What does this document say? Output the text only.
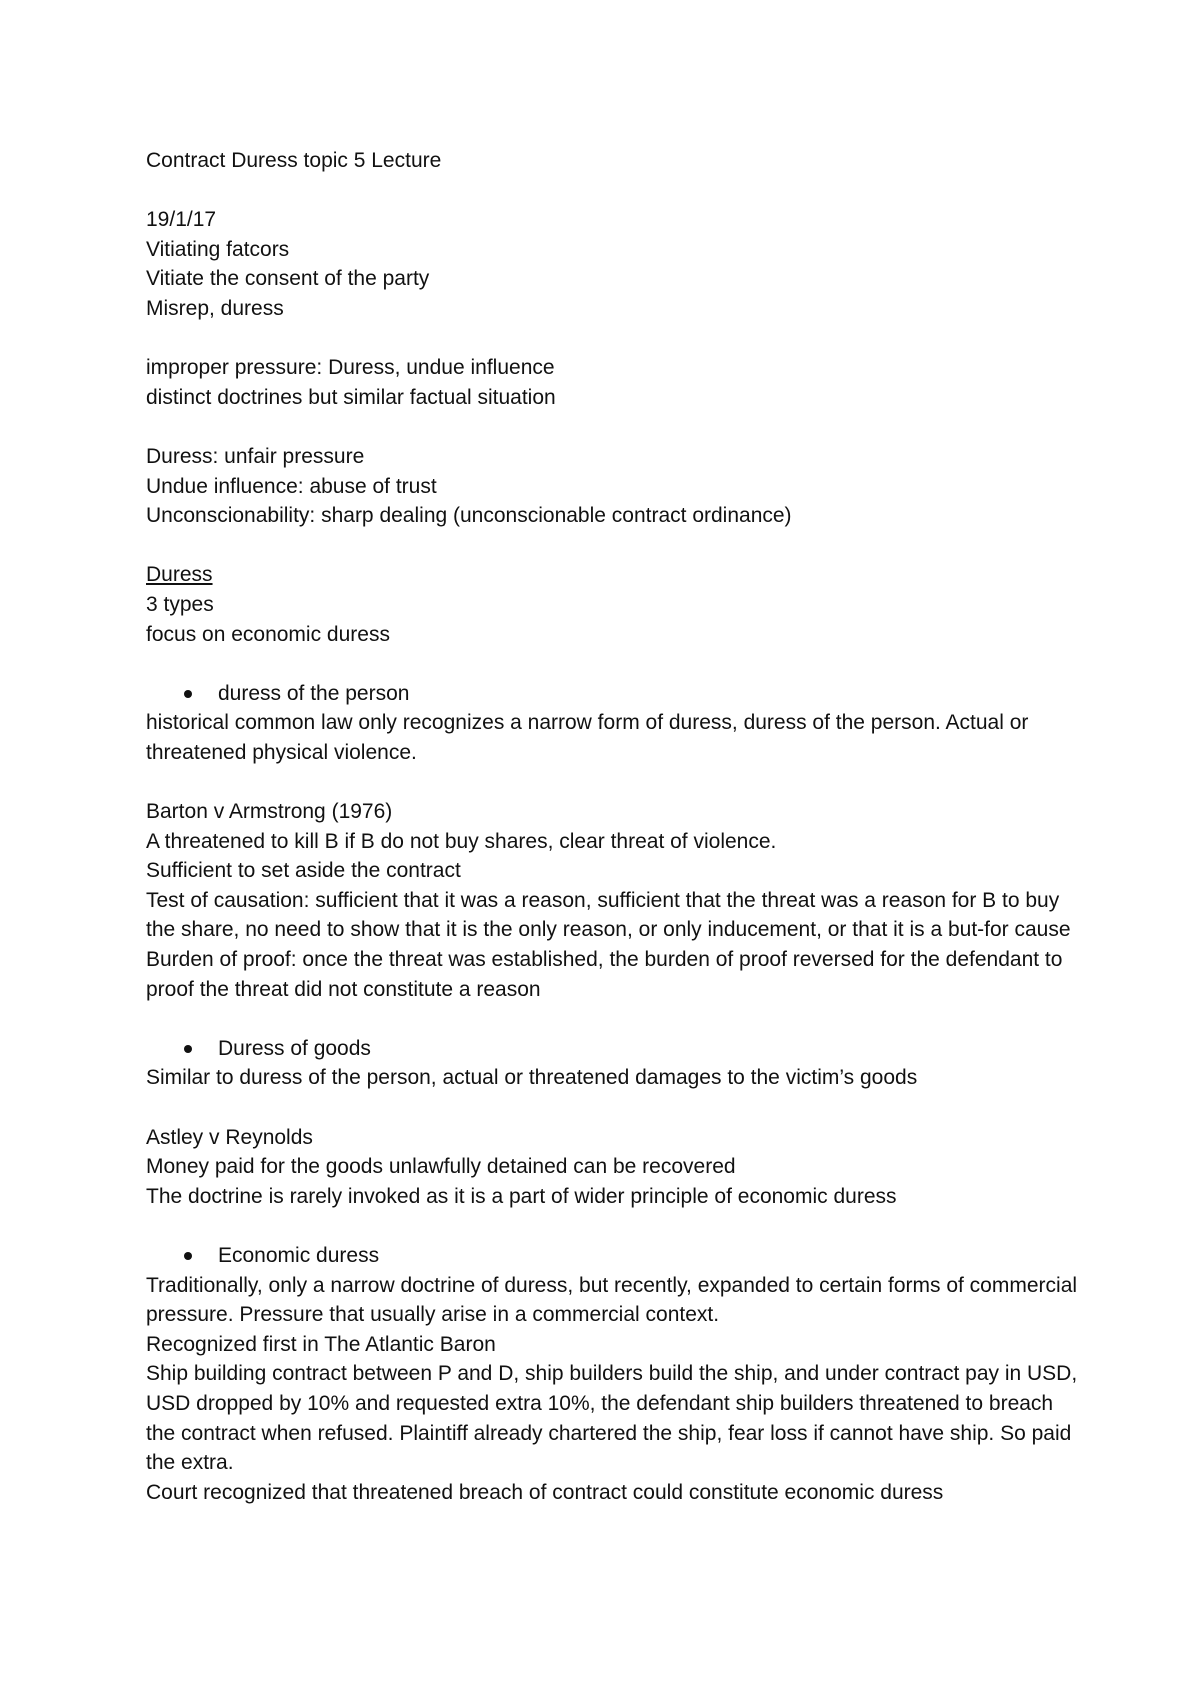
Contract Duress topic 5 Lecture
19/1/17
Vitiating fatcors
Vitiate the consent of the party
Misrep, duress
improper pressure: Duress, undue influence
distinct doctrines but similar factual situation
Duress: unfair pressure
Undue influence: abuse of trust
Unconscionability: sharp dealing (unconscionable contract ordinance)
Duress
3 types
focus on economic duress
duress of the person
historical common law only recognizes a narrow form of duress, duress of the person. Actual or threatened physical violence.
Barton v Armstrong (1976)
A threatened to kill B if B do not buy shares, clear threat of violence.
Sufficient to set aside the contract
Test of causation: sufficient that it was a reason, sufficient that the threat was a reason for B to buy the share, no need to show that it is the only reason, or only inducement, or that it is a but-for cause
Burden of proof: once the threat was established, the burden of proof reversed for the defendant to proof the threat did not constitute a reason
Duress of goods
Similar to duress of the person, actual or threatened damages to the victim’s goods
Astley v Reynolds
Money paid for the goods unlawfully detained can be recovered
The doctrine is rarely invoked as it is a part of wider principle of economic duress
Economic duress
Traditionally, only a narrow doctrine of duress, but recently, expanded to certain forms of commercial pressure. Pressure that usually arise in a commercial context.
Recognized first in The Atlantic Baron
Ship building contract between P and D, ship builders build the ship, and under contract pay in USD, USD dropped by 10% and requested extra 10%, the defendant ship builders threatened to breach the contract when refused. Plaintiff already chartered the ship, fear loss if cannot have ship. So paid the extra.
Court recognized that threatened breach of contract could constitute economic duress
